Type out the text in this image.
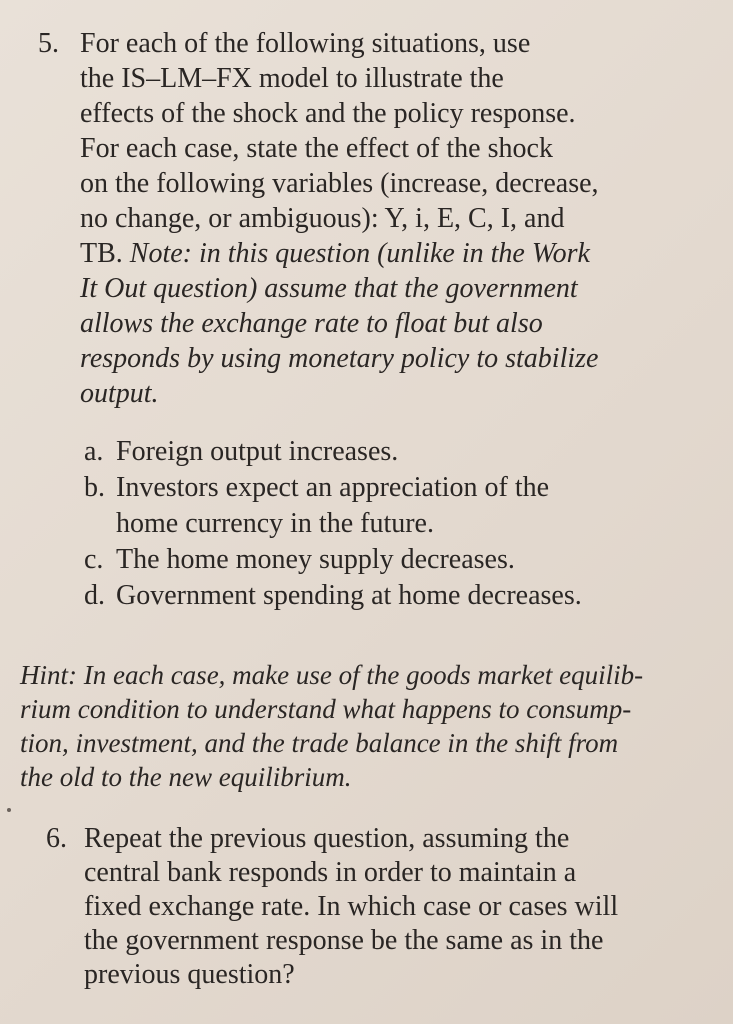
5. For each of the following situations, use
the IS–LM–FX model to illustrate the
effects of the shock and the policy response.
For each case, state the effect of the shock
on the following variables (increase, decrease,
no change, or ambiguous): Y, i, E, C, I, and
TB. Note: in this question (unlike in the Work
It Out question) assume that the government
allows the exchange rate to float but also
responds by using monetary policy to stabilize
output.
a. Foreign output increases.
b. Investors expect an appreciation of the
home currency in the future.
c. The home money supply decreases.
d. Government spending at home decreases.
Hint: In each case, make use of the goods market equilib-
rium condition to understand what happens to consump-
tion, investment, and the trade balance in the shift from
the old to the new equilibrium.
6. Repeat the previous question, assuming the
central bank responds in order to maintain a
fixed exchange rate. In which case or cases will
the government response be the same as in the
previous question?
